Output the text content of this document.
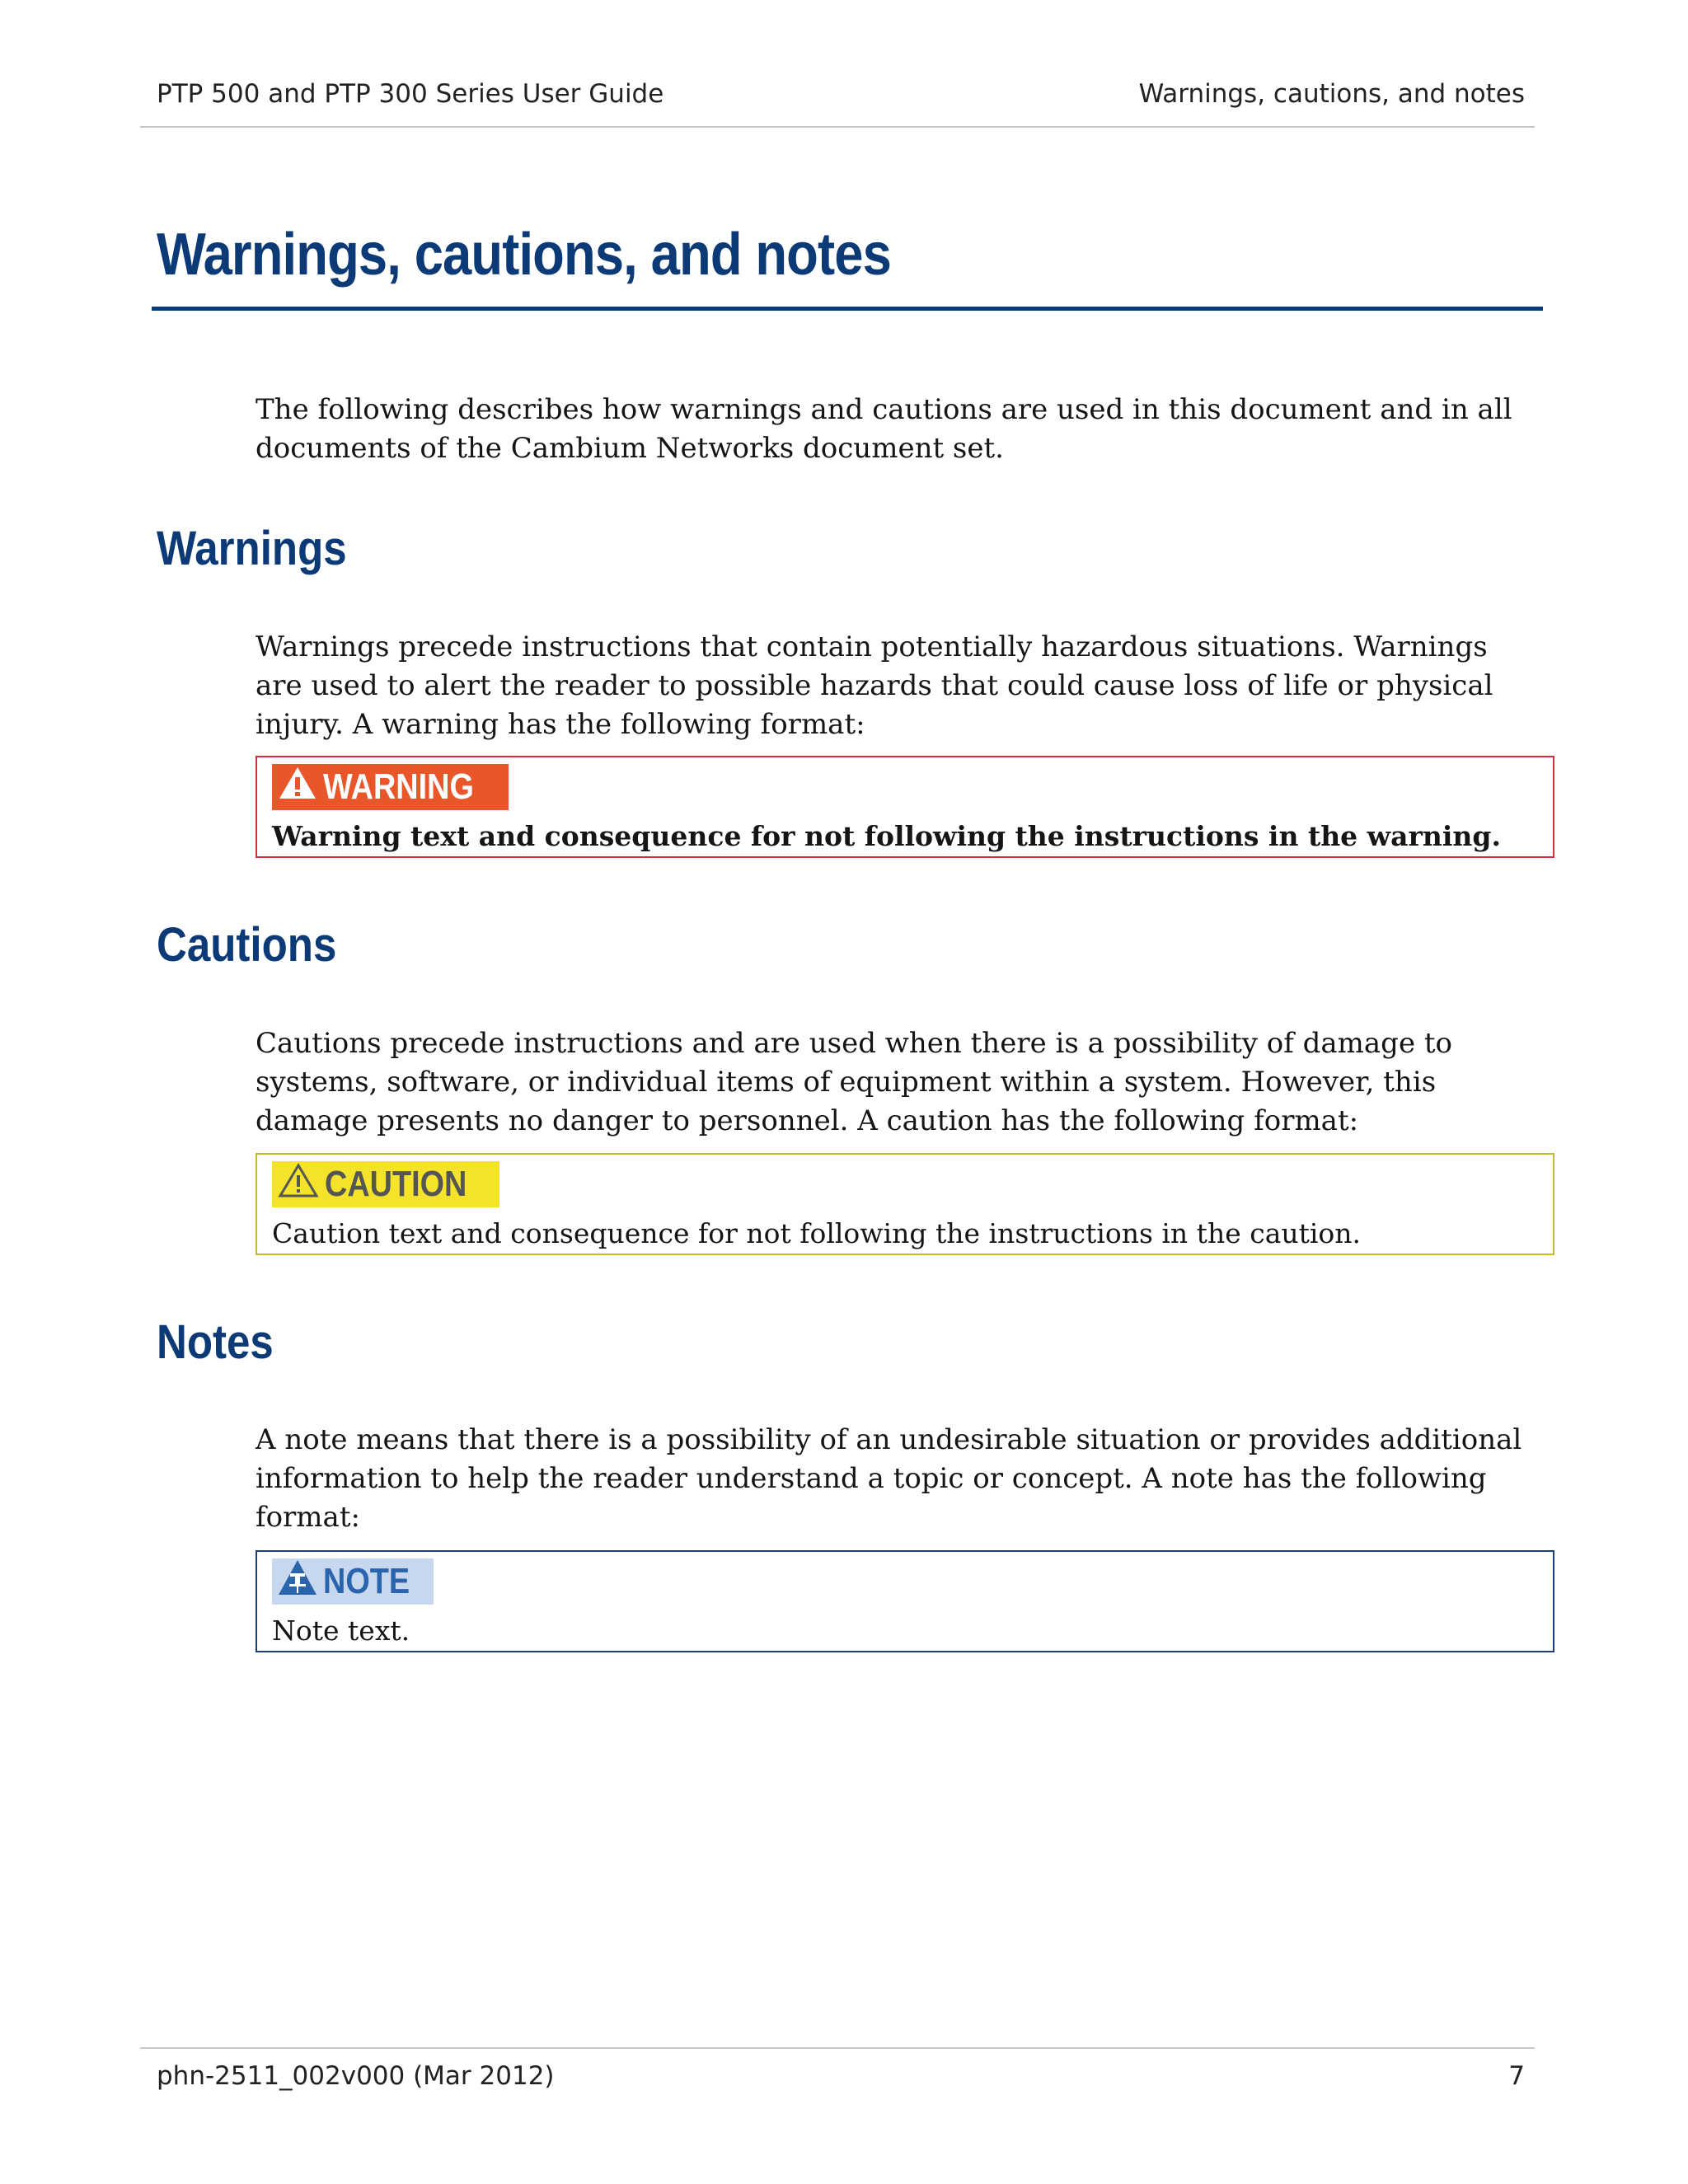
PTP 500 and PTP 300 Series User Guide	Warnings, cautions, and notes
Warnings, cautions, and notes

The following describes how warnings and cautions are used in this document and in all documents of the Cambium Networks document set.

Warnings

Warnings precede instructions that contain potentially hazardous situations. Warnings are used to alert the reader to possible hazards that could cause loss of life or physical injury. A warning has the following format:

WARNING
Warning text and consequence for not following the instructions in the warning.
Cautions

Cautions precede instructions and are used when there is a possibility of damage to systems, software, or individual items of equipment within a system. However, this damage presents no danger to personnel. A caution has the following format:

CAUTION
Caution text and consequence for not following the instructions in the caution.
Notes

A note means that there is a possibility of an undesirable situation or provides additional information to help the reader understand a topic or concept. A note has the following format:

NOTE
Note text.
phn-2511_002v000 (Mar 2012)	7
